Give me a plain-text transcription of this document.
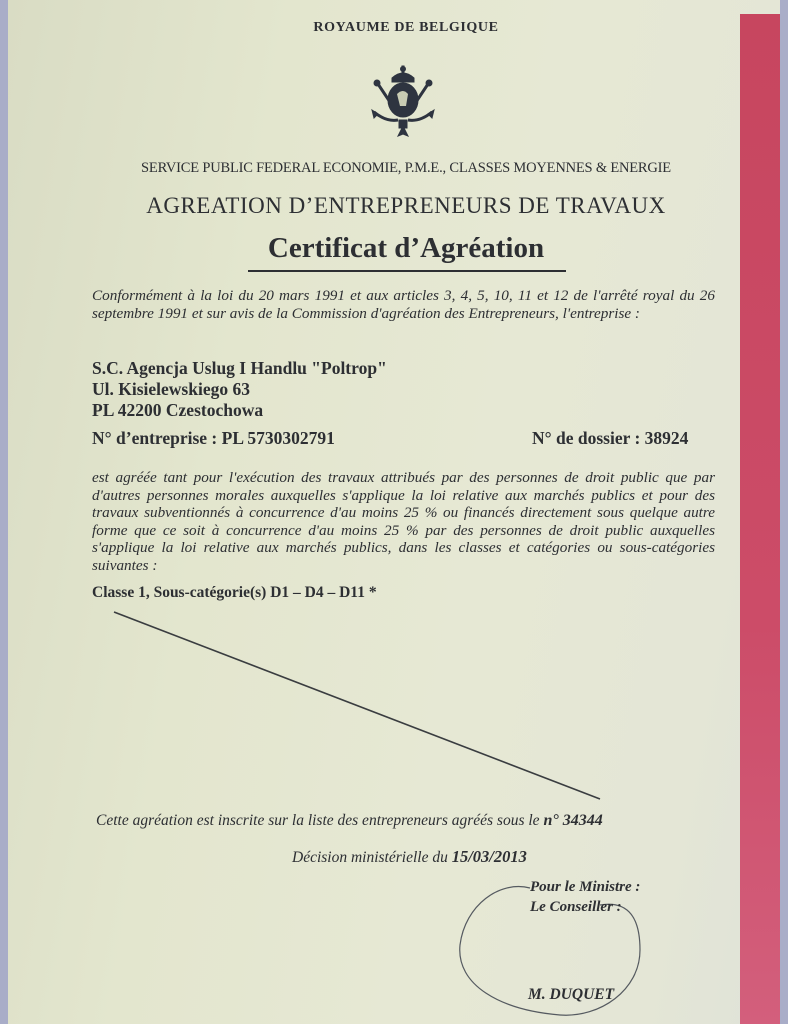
ROYAUME DE BELGIQUE
SERVICE PUBLIC FEDERAL ECONOMIE, P.M.E., CLASSES MOYENNES & ENERGIE
AGREATION D’ENTREPRENEURS DE TRAVAUX
Certificat d’Agréation
Conformément à la loi du 20 mars 1991 et aux articles 3, 4, 5, 10, 11 et 12 de l'arrêté royal du 26 septembre 1991 et sur avis de la Commission d'agréation des Entrepreneurs, l'entreprise :
S.C. Agencja Uslug I Handlu "Poltrop"
Ul. Kisielewskiego 63
PL 42200 Czestochowa
N° d’entreprise : PL 5730302791	N° de dossier : 38924
est agréée tant pour l'exécution des travaux attribués par des personnes de droit public que par d'autres personnes morales auxquelles s'applique la loi relative aux marchés publics et pour des travaux subventionnés à concurrence d'au moins 25 % ou financés directement sous quelque autre forme que ce soit à concurrence d'au moins 25 % par des personnes de droit public auxquelles s'applique la loi relative aux marchés publics, dans les classes et catégories ou sous-catégories suivantes :
Classe 1, Sous-catégorie(s) D1 – D4 – D11 *
Cette agréation est inscrite sur la liste des entrepreneurs agréés sous le n° 34344
Décision ministérielle du 15/03/2013
Pour le Ministre :
Le Conseiller :
M. DUQUET
